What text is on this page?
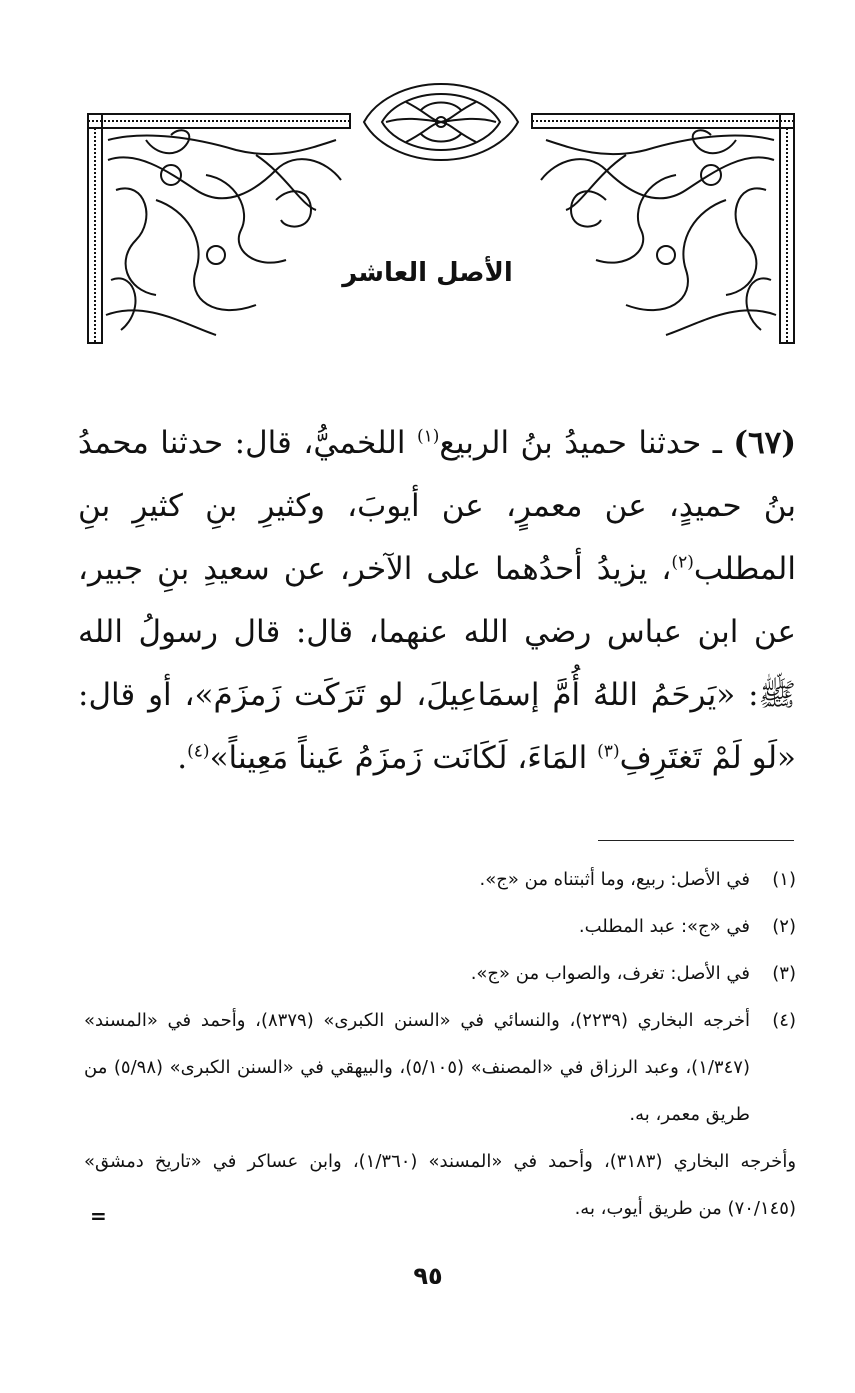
الأصل العاشر
(٦٧) ـ حدثنا حميدُ بنُ الربيع$^{(١)}$ اللخميُّ، قال: حدثنا محمدُ بنُ حميدٍ، عن معمرٍ، عن أيوبَ، وكثيرِ بنِ كثيرِ بنِ المطلب$^{(٢)}$، يزيدُ أحدُهما على الآخر، عن سعيدِ بنِ جبير، عن ابن عباس رضي الله عنهما، قال: قال رسولُ الله ﷺ: «يَرحَمُ اللهُ أُمَّ إسمَاعِيلَ، لو تَرَكَت زَمزَمَ»، أو قال: «لَو لَمْ تَغتَرِفِ$^{(٣)}$ المَاءَ، لَكَانَت زَمزَمُ عَيناً مَعِيناً»$^{(٤)}$.
(١)
في الأصل: ربيع، وما أثبتناه من «ج».
(٢)
في «ج»: عبد المطلب.
(٣)
في الأصل: تغرف، والصواب من «ج».
(٤)
أخرجه البخاري (٢٢٣٩)، والنسائي في «السنن الكبرى» (٨٣٧٩)، وأحمد في «المسند» (١/٣٤٧)، وعبد الرزاق في «المصنف» (٥/١٠٥)، والبيهقي في «السنن الكبرى» (٥/٩٨) من طريق معمر، به.
وأخرجه البخاري (٣١٨٣)، وأحمد في «المسند» (١/٣٦٠)، وابن عساكر في «تاريخ دمشق» (٧٠/١٤٥) من طريق أيوب، به.
=
٩٥
